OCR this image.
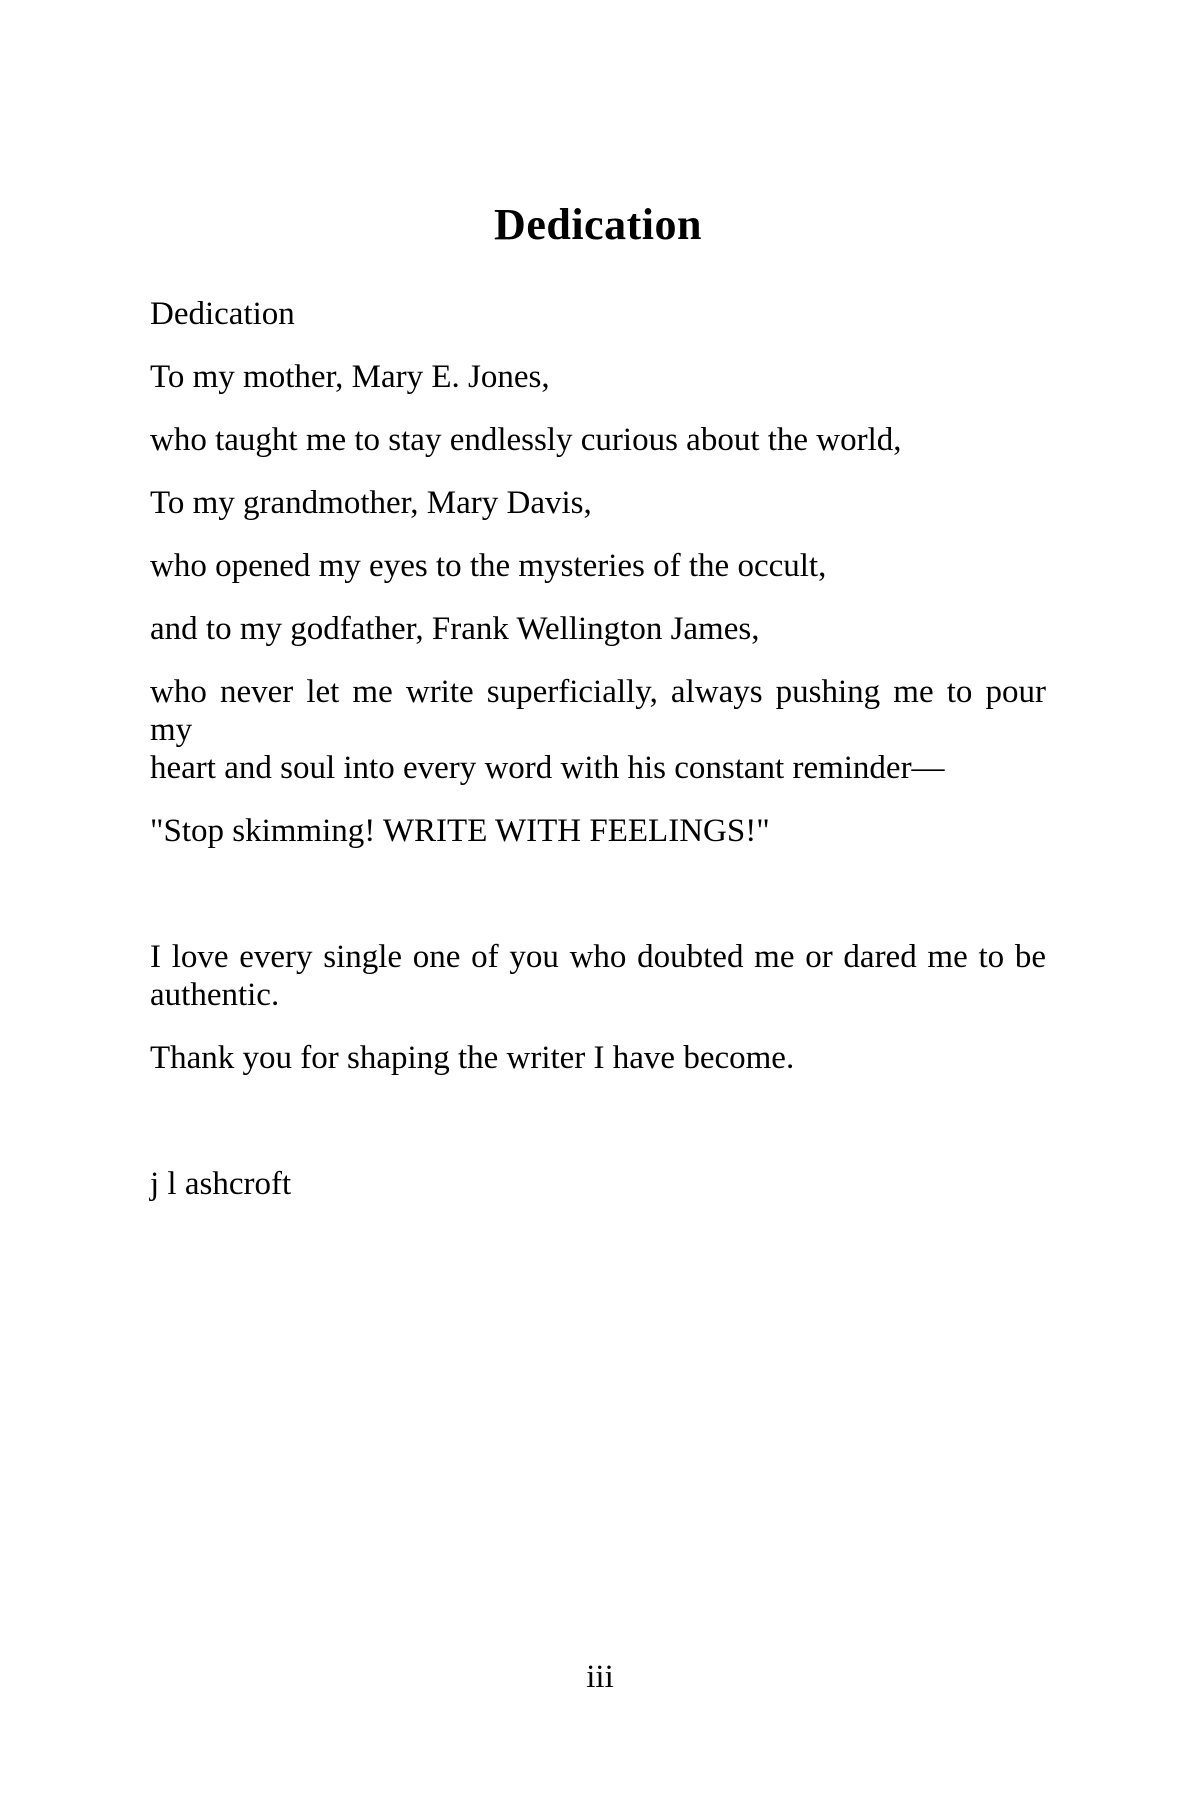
Dedication

Dedication

To my mother, Mary E. Jones,

who taught me to stay endlessly curious about the world,

To my grandmother, Mary Davis,

who opened my eyes to the mysteries of the occult,

and to my godfather, Frank Wellington James,

who never let me write superficially, always pushing me to pour my
heart and soul into every word with his constant reminder—

"Stop skimming! WRITE WITH FEELINGS!"

I love every single one of you who doubted me or dared me to be
authentic.

Thank you for shaping the writer I have become.

j l ashcroft

iii
